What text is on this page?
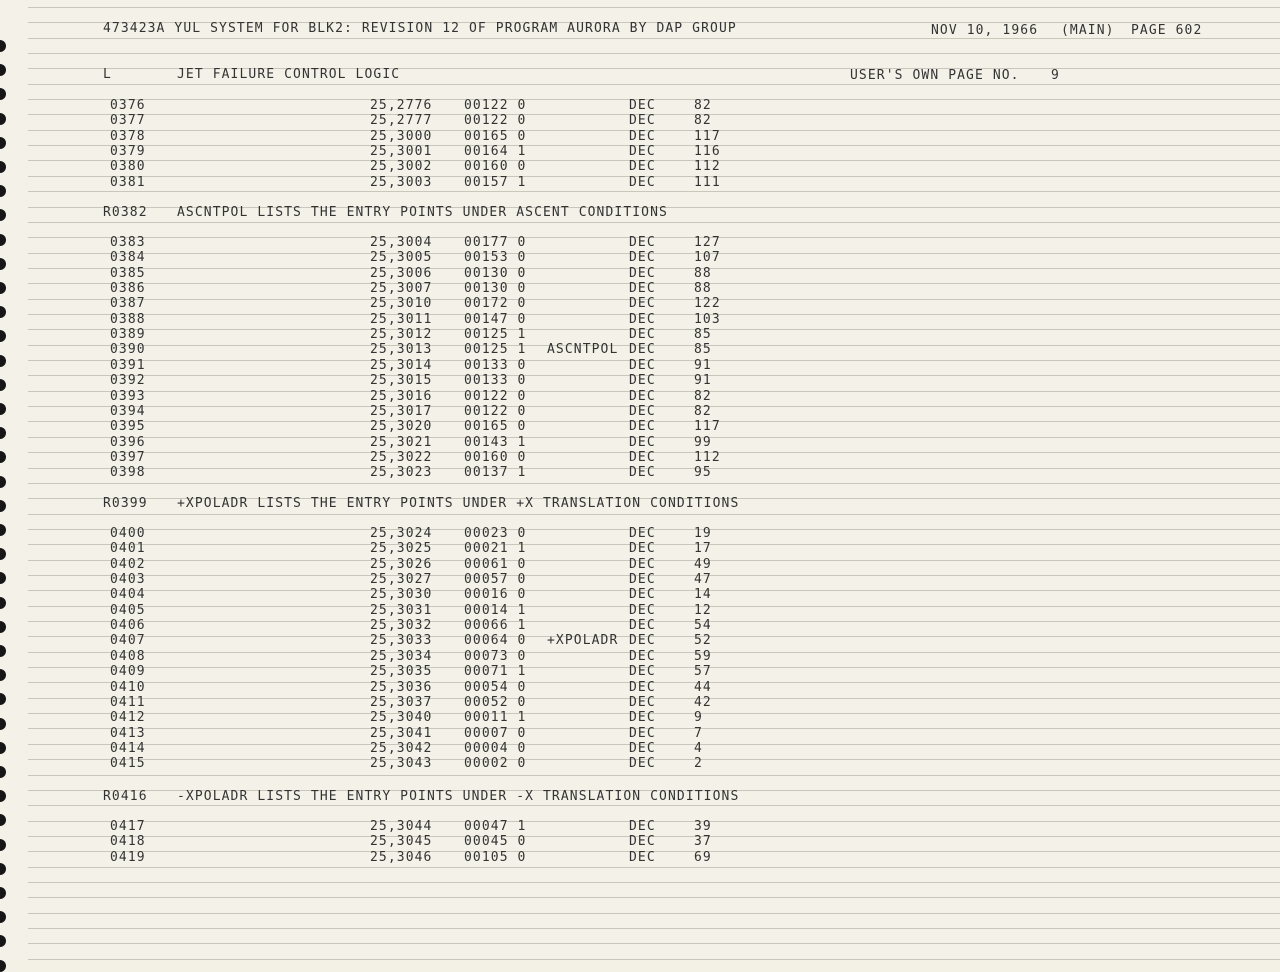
473423A YUL SYSTEM FOR BLK2: REVISION 12 OF PROGRAM AURORA BY DAP GROUP	NOV 10, 1966 (MAIN) PAGE 602
L	JET FAILURE CONTROL LOGIC	USER'S OWN PAGE NO. 9
0376	25,2776 00122 0	DEC	82
0377	25,2777 00122 0	DEC	82
0378	25,3000 00165 0	DEC	117
0379	25,3001 00164 1	DEC	116
0380	25,3002 00160 0	DEC	112
0381	25,3003 00157 1	DEC	111
R0382 ASCNTPOL LISTS THE ENTRY POINTS UNDER ASCENT CONDITIONS
0383	25,3004 00177 0	DEC	127
0384	25,3005 00153 0	DEC	107
0385	25,3006 00130 0	DEC	88
0386	25,3007 00130 0	DEC	88
0387	25,3010 00172 0	DEC	122
0388	25,3011 00147 0	DEC	103
0389	25,3012 00125 1	DEC	85
0390	25,3013 00125 1 ASCNTPOL DEC	85
0391	25,3014 00133 0	DEC	91
0392	25,3015 00133 0	DEC	91
0393	25,3016 00122 0	DEC	82
0394	25,3017 00122 0	DEC	82
0395	25,3020 00165 0	DEC	117
0396	25,3021 00143 1	DEC	99
0397	25,3022 00160 0	DEC	112
0398	25,3023 00137 1	DEC	95
R0399 +XPOLADR LISTS THE ENTRY POINTS UNDER +X TRANSLATION CONDITIONS
0400	25,3024 00023 0	DEC	19
0401	25,3025 00021 1	DEC	17
0402	25,3026 00061 0	DEC	49
0403	25,3027 00057 0	DEC	47
0404	25,3030 00016 0	DEC	14
0405	25,3031 00014 1	DEC	12
0406	25,3032 00066 1	DEC	54
0407	25,3033 00064 0 +XPOLADR DEC	52
0408	25,3034 00073 0	DEC	59
0409	25,3035 00071 1	DEC	57
0410	25,3036 00054 0	DEC	44
0411	25,3037 00052 0	DEC	42
0412	25,3040 00011 1	DEC	9
0413	25,3041 00007 0	DEC	7
0414	25,3042 00004 0	DEC	4
0415	25,3043 00002 0	DEC	2
R0416 -XPOLADR LISTS THE ENTRY POINTS UNDER -X TRANSLATION CONDITIONS
0417	25,3044 00047 1	DEC	39
0418	25,3045 00045 0	DEC	37
0419	25,3046 00105 0	DEC	69
